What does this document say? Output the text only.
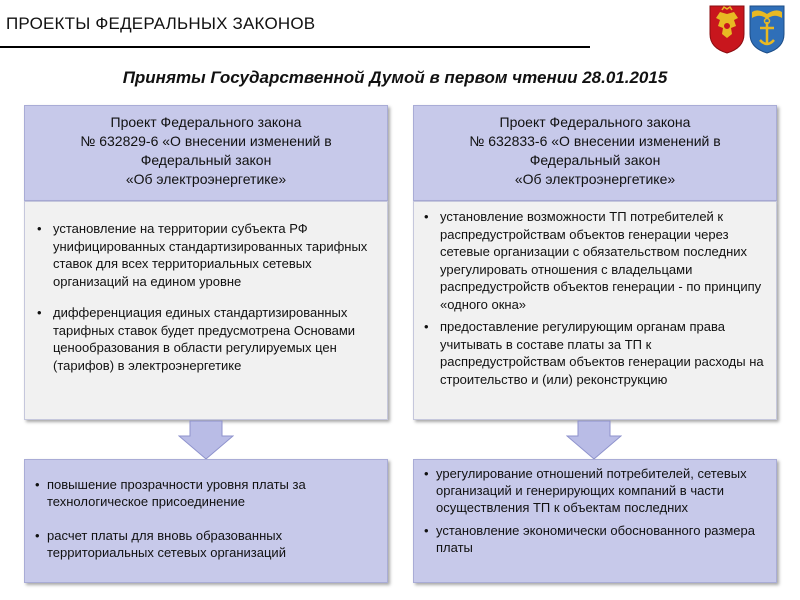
ПРОЕКТЫ ФЕДЕРАЛЬНЫХ ЗАКОНОВ
Приняты Государственной Думой в первом чтении 28.01.2015
Проект Федерального закона
№ 632829-6 «О внесении изменений в
Федеральный закон
«Об электроэнергетике»

• установление на территории субъекта РФ унифицированных стандартизированных тарифных ставок для всех территориальных сетевых организаций на едином уровне

• дифференциация единых стандартизированных тарифных ставок будет предусмотрена Основами ценообразования в области регулируемых цен (тарифов) в электроэнергетике

• повышение прозрачности уровня платы за технологическое присоединение

• расчет платы для вновь образованных территориальных сетевых организаций

Проект Федерального закона
№ 632833-6 «О внесении изменений в
Федеральный закон
«Об электроэнергетике»

• установление возможности ТП потребителей к распредустройствам объектов генерации через сетевые организации с обязательством последних урегулировать отношения с владельцами распредустройств объектов генерации - по принципу «одного окна»

• предоставление регулирующим органам права учитывать в составе платы за ТП к распредустройствам объектов генерации расходы на строительство и (или) реконструкцию

• урегулирование отношений потребителей, сетевых организаций и генерирующих компаний в части осуществления ТП к объектам последних

• установление экономически обоснованного размера платы
